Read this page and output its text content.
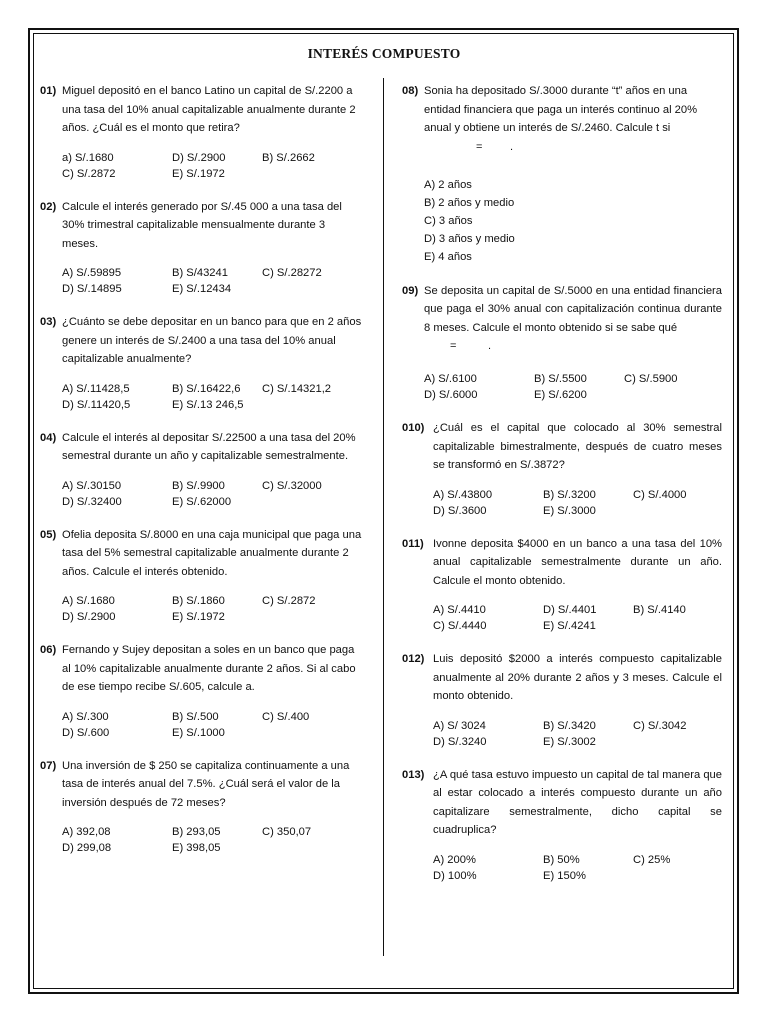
INTERÉS COMPUESTO
01) Miguel depositó en el banco Latino un capital de S/.2200 a una tasa del 10% anual capitalizable anualmente durante 2 años. ¿Cuál es el monto que retira?
a) S/.1680	D) S/.2900	B) S/.2662
C) S/.2872	E) S/.1972
02) Calcule el interés generado por S/.45 000 a una tasa del 30% trimestral capitalizable mensualmente durante 3 meses.
A) S/.59895	B) S/43241	C) S/.28272
D) S/.14895	E) S/.12434
03) ¿Cuánto se debe depositar en un banco para que en 2 años genere un interés de S/.2400 a una tasa del 10% anual capitalizable anualmente?
A) S/.11428,5	B) S/.16422,6	C) S/.14321,2
D) S/.11420,5	E) S/.13 246,5
04) Calcule el interés al depositar S/.22500 a una tasa del 20% semestral durante un año y capitalizable semestralmente.
A) S/.30150	B) S/.9900	C) S/.32000
D) S/.32400	E) S/.62000
05) Ofelia deposita S/.8000 en una caja municipal que paga una tasa del 5% semestral capitalizable anualmente durante 2 años. Calcule el interés obtenido.
A) S/.1680	B) S/.1860	C) S/.2872
D) S/.2900	E) S/.1972
06) Fernando y Sujey depositan a soles en un banco que paga al 10% capitalizable anualmente durante 2 años. Si al cabo de ese tiempo recibe S/.605, calcule a.
A) S/.300	B) S/.500	C) S/.400
D) S/.600	E) S/.1000
07) Una inversión de $ 250 se capitaliza continuamente a una tasa de interés anual del 7.5%. ¿Cuál será el valor de la inversión después de 72 meses?
A) 392,08	B) 293,05	C) 350,07
D) 299,08	E) 398,05
08) Sonia ha depositado S/.3000 durante “t” años en una entidad financiera que paga un interés continuo al 20% anual y obtiene un interés de S/.2460. Calcule t si
=	.
A) 2 años
B) 2 años y medio
C) 3 años
D) 3 años y medio
E) 4 años
09) Se deposita un capital de S/.5000 en una entidad financiera que paga el 30% anual con capitalización continua durante 8 meses. Calcule el monto obtenido si se sabe qué
=	.
A) S/.6100	B) S/.5500	C) S/.5900
D) S/.6000	E) S/.6200
010) ¿Cuál es el capital que colocado al 30% semestral capitalizable bimestralmente, después de cuatro meses se transformó en S/.3872?
A) S/.43800	B) S/.3200	C) S/.4000
D) S/.3600	E) S/.3000
011) Ivonne deposita $4000 en un banco a una tasa del 10% anual capitalizable semestralmente durante un año. Calcule el monto obtenido.
A) S/.4410	D) S/.4401	B) S/.4140
C) S/.4440	E) S/.4241
012) Luis depositó $2000 a interés compuesto capitalizable anualmente al 20% durante 2 años y 3 meses. Calcule el monto obtenido.
A) S/ 3024	B) S/.3420	C) S/.3042
D) S/.3240	E) S/.3002
013) ¿A qué tasa estuvo impuesto un capital de tal manera que al estar colocado a interés compuesto durante un año capitalizare semestralmente, dicho capital se cuadruplica?
A) 200%	B) 50%	C) 25%
D) 100%	E) 150%
